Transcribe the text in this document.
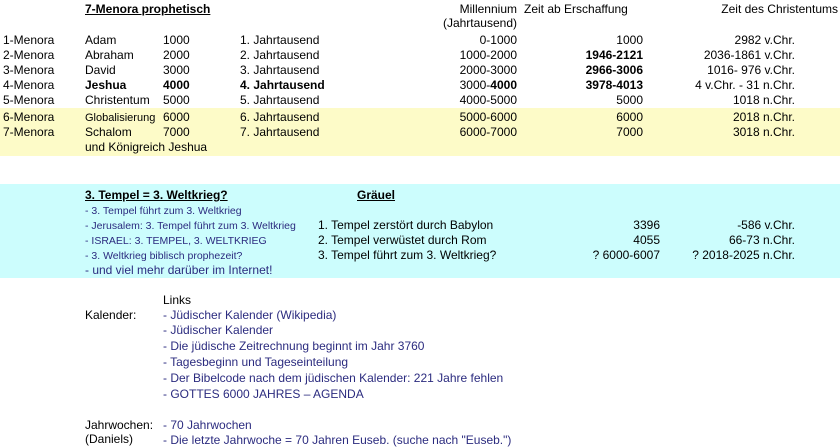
7-Menora prophetisch	Millennium
(Jahrtausend)
Zeit ab Erschaffung	Zeit des Christentums
1-Menora	Adam	1000	1. Jahrtausend	0-1000	1000	2982 v.Chr.
2-Menora	Abraham 2000	2. Jahrtausend	1000-2000	1946-2121	2036-1861 v.Chr.
3-Menora	David	3000	3. Jahrtausend	2000-3000	2966-3006	1016- 976 v.Chr.
4-Menora	Jeshua	4000	4. Jahrtausend	3000-4000	3978-4013	4 v.Chr. - 31 n.Chr.
5-Menora	Christentum 5000	5. Jahrtausend	4000-5000	5000	1018 n.Chr.
6-Menora	Globalisierung 6000	6. Jahrtausend	5000-6000	6000	2018 n.Chr.
7-Menora	Schalom	7000	7. Jahrtausend	6000-7000	7000	3018 n.Chr.
und Königreich Jeshua
3. Tempel = 3. Weltkrieg?	Gräuel
- 3. Tempel führt zum 3. Weltkrieg
- Jerusalem: 3. Tempel führt zum 3. Weltkrieg
- ISRAEL: 3. TEMPEL, 3. WELTKRIEG
- 3. Weltkrieg biblisch prophezeit?
- und viel mehr darüber im Internet!
1. Tempel zerstört durch Babylon	3396	-586 v.Chr.
2. Tempel verwüstet durch Rom	4055	66-73 n.Chr.
3. Tempel führt zum 3. Weltkrieg?	? 6000-6007	? 2018-2025 n.Chr.
Links
Kalender: - Jüdischer Kalender (Wikipedia)
- Jüdischer Kalender
- Die jüdische Zeitrechnung beginnt im Jahr 3760
- Tagesbeginn und Tageseinteilung
- Der Bibelcode nach dem jüdischen Kalender: 221 Jahre fehlen
- GOTTES 6000 JAHRES – AGENDA
Jahrwochen:
(Daniels)
- 70 Jahrwochen
- Die letzte Jahrwoche = 70 Jahren Euseb. (suche nach "Euseb.")
